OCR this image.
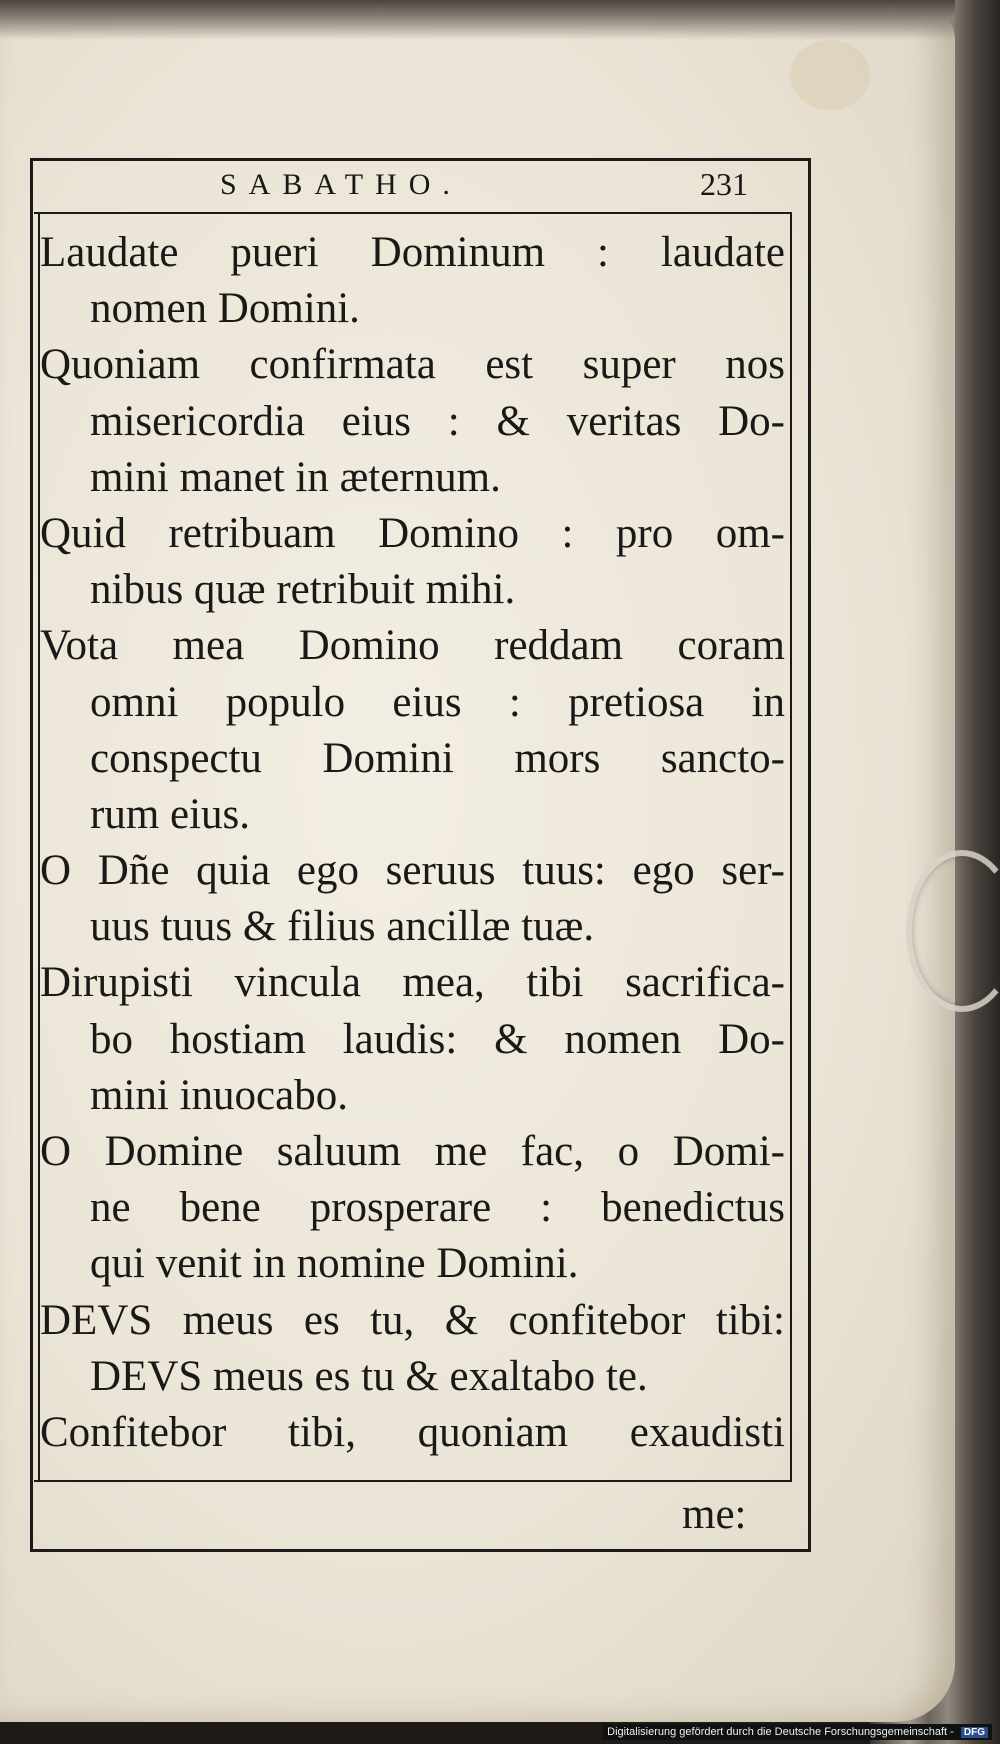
SABATHO.	231
Laudate pueri Dominum : laudate
nomen Domini.
Quoniam confirmata est super nos
misericordia eius : & veritas Do-
mini manet in æternum.
Quid retribuam Domino : pro om-
nibus quæ retribuit mihi.
Vota mea Domino reddam coram
omni populo eius : pretiosa in
conspectu Domini mors sancto-
rum eius.
O Dñe quia ego seruus tuus: ego ser-
uus tuus & filius ancillæ tuæ.
Dirupisti vincula mea, tibi sacrifica-
bo hostiam laudis: & nomen Do-
mini inuocabo.
O Domine saluum me fac, o Domi-
ne bene prosperare : benedictus
qui venit in nomine Domini.
DEVS meus es tu, & confitebor tibi:
DEVS meus es tu & exaltabo te.
Confitebor tibi, quoniam exaudisti
me:
Digitalisierung gefördert durch die Deutsche Forschungsgemeinschaft - DFG
